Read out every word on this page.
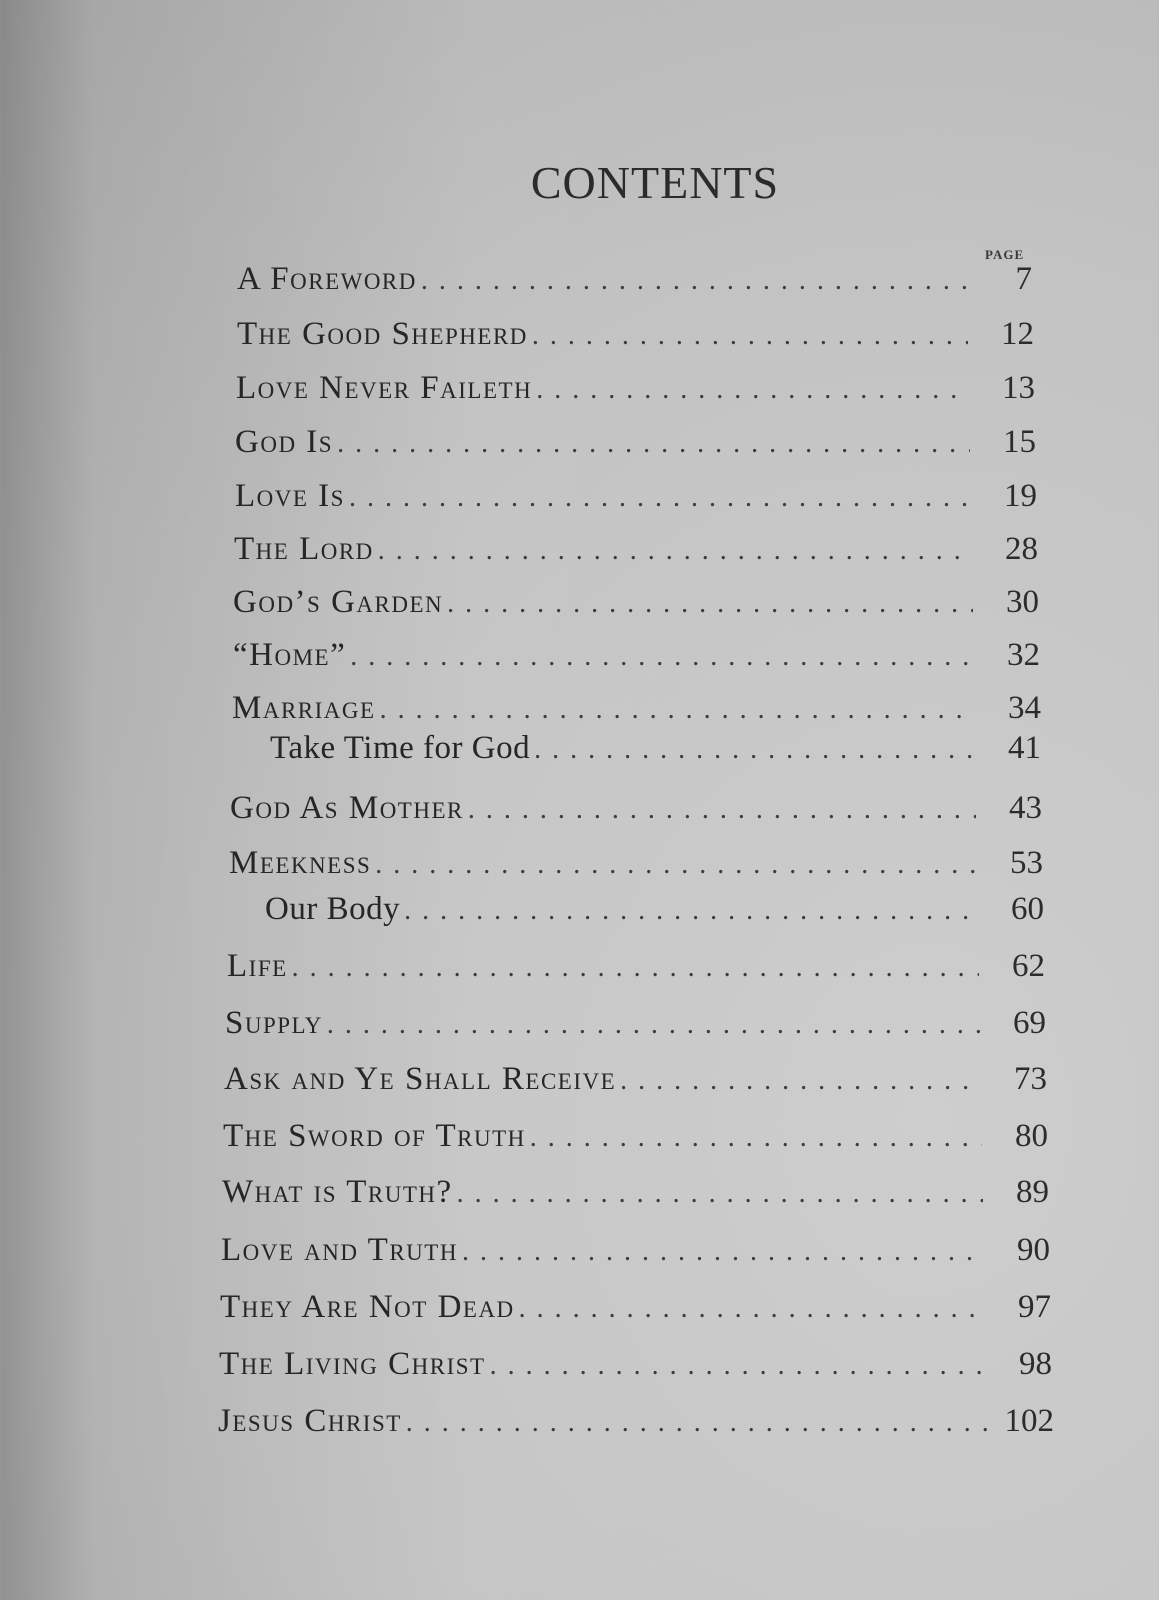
CONTENTS
PAGE
A Foreword . . .	7
The Good Shepherd . . .	12
Love Never Faileth . . .	13
God Is . . .	15
Love Is . . .	19
The Lord . . .	28
God’s Garden . . .	30
“Home” . . .	32
Marriage . . .	34
Take Time for God . . .	41
God As Mother . . .	43
Meekness . . .	53
Our Body . . .	60
Life . . .	62
Supply . . .	69
Ask and Ye Shall Receive . . .	73
The Sword of Truth . . .	80
What is Truth? . . .	89
Love and Truth . . .	90
They Are Not Dead . . .	97
The Living Christ . . .	98
Jesus Christ . . .	102
